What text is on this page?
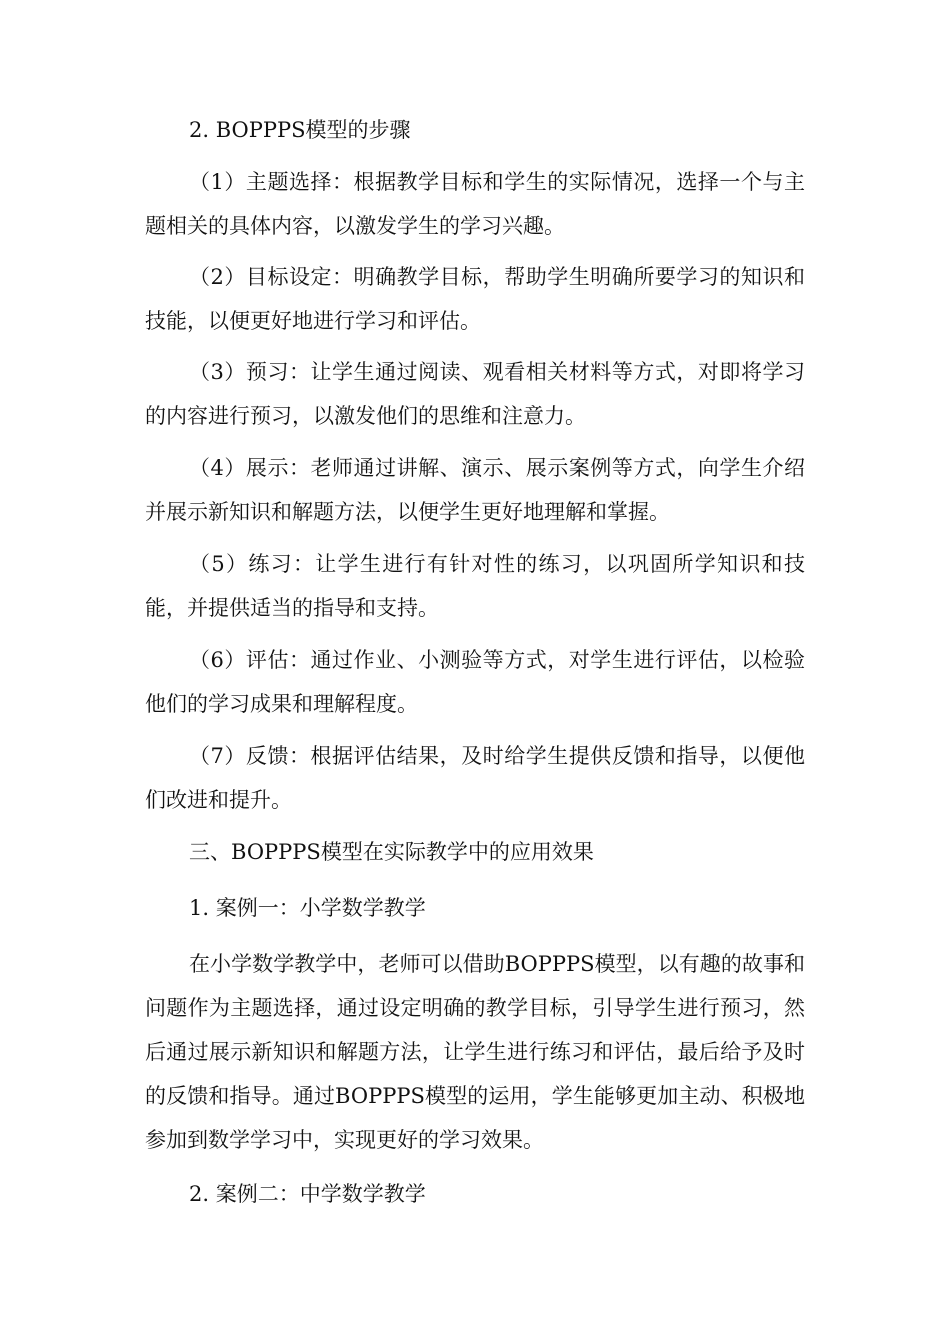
2. BOPPPS模型的步骤

（1）主题选择：根据教学目标和学生的实际情况，选择一个与主题相关的具体内容，以激发学生的学习兴趣。

（2）目标设定：明确教学目标，帮助学生明确所要学习的知识和技能，以便更好地进行学习和评估。

（3）预习：让学生通过阅读、观看相关材料等方式，对即将学习的内容进行预习，以激发他们的思维和注意力。

（4）展示：老师通过讲解、演示、展示案例等方式，向学生介绍并展示新知识和解题方法，以便学生更好地理解和掌握。

（5）练习：让学生进行有针对性的练习，以巩固所学知识和技能，并提供适当的指导和支持。

（6）评估：通过作业、小测验等方式，对学生进行评估，以检验他们的学习成果和理解程度。

（7）反馈：根据评估结果，及时给学生提供反馈和指导，以便他们改进和提升。

三、BOPPPS模型在实际教学中的应用效果

1. 案例一：小学数学教学

在小学数学教学中，老师可以借助BOPPPS模型，以有趣的故事和问题作为主题选择，通过设定明确的教学目标，引导学生进行预习，然后通过展示新知识和解题方法，让学生进行练习和评估，最后给予及时的反馈和指导。通过BOPPPS模型的运用，学生能够更加主动、积极地参加到数学学习中，实现更好的学习效果。

2. 案例二：中学数学教学
